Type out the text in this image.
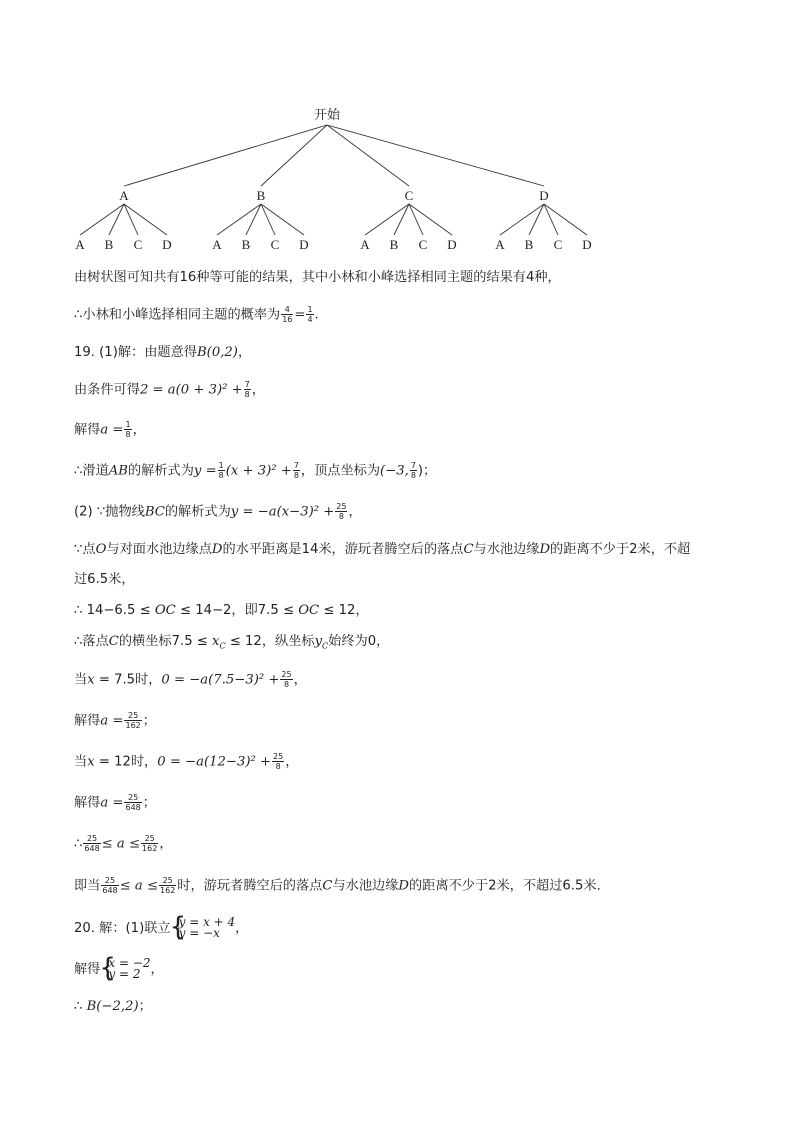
开始
A
A B C D
B
A B C D
C
A B C D
D
A B C D
由树状图可知共有16种等可能的结果，其中小林和小峰选择相同主题的结果有4种，
∴小林和小峰选择相同主题的概率为 $\frac{4}{16} = \frac{1}{4}$ .
19. (1)解：由题意得B(0,2)，
由条件可得$2 = a(0 + 3)^2 + \frac{7}{8}$ ，
解得$a = \frac{1}{8}$ ，
∴滑道AB的解析式为$y = \frac{1}{8} (x + 3)^2 + \frac{7}{8}$ ，顶点坐标为(−3, $\frac{7}{8}$ )；
(2) ∵抛物线BC的解析式为$y = -a(x-3)^2 + \frac{25}{8}$ ，
∵点O与对面水池边缘点D的水平距离是14米，游玩者腾空后的落点C与水池边缘D的距离不少于2米，不超
过6.5米，
∴ 14−6.5 ≤ OC ≤ 14−2，即7.5 ≤ OC ≤ 12，
∴落点C的横坐标$7.5 \le x_C \le 12$，纵坐标$y_C$始终为0，
当x = 7.5时，$0 = -a(7.5-3)^2 + \frac{25}{8}$ ，
解得$a = \frac{25}{162}$ ；
当x = 12时，$0 = -a(12-3)^2 + \frac{25}{8}$ ，
解得$a = \frac{25}{648}$ ；
∴ $\frac{25}{648} \le a \le \frac{25}{162}$ ，
即当 $\frac{25}{648} \le a \le \frac{25}{162}$ 时，游玩者腾空后的落点C与水池边缘D的距离不少于2米，不超过6.5米．
20. 解：(1)联立 { y = x + 4
y = −x	，
解得 { x = −2
y = 2 ，
∴ B(−2,2)；
